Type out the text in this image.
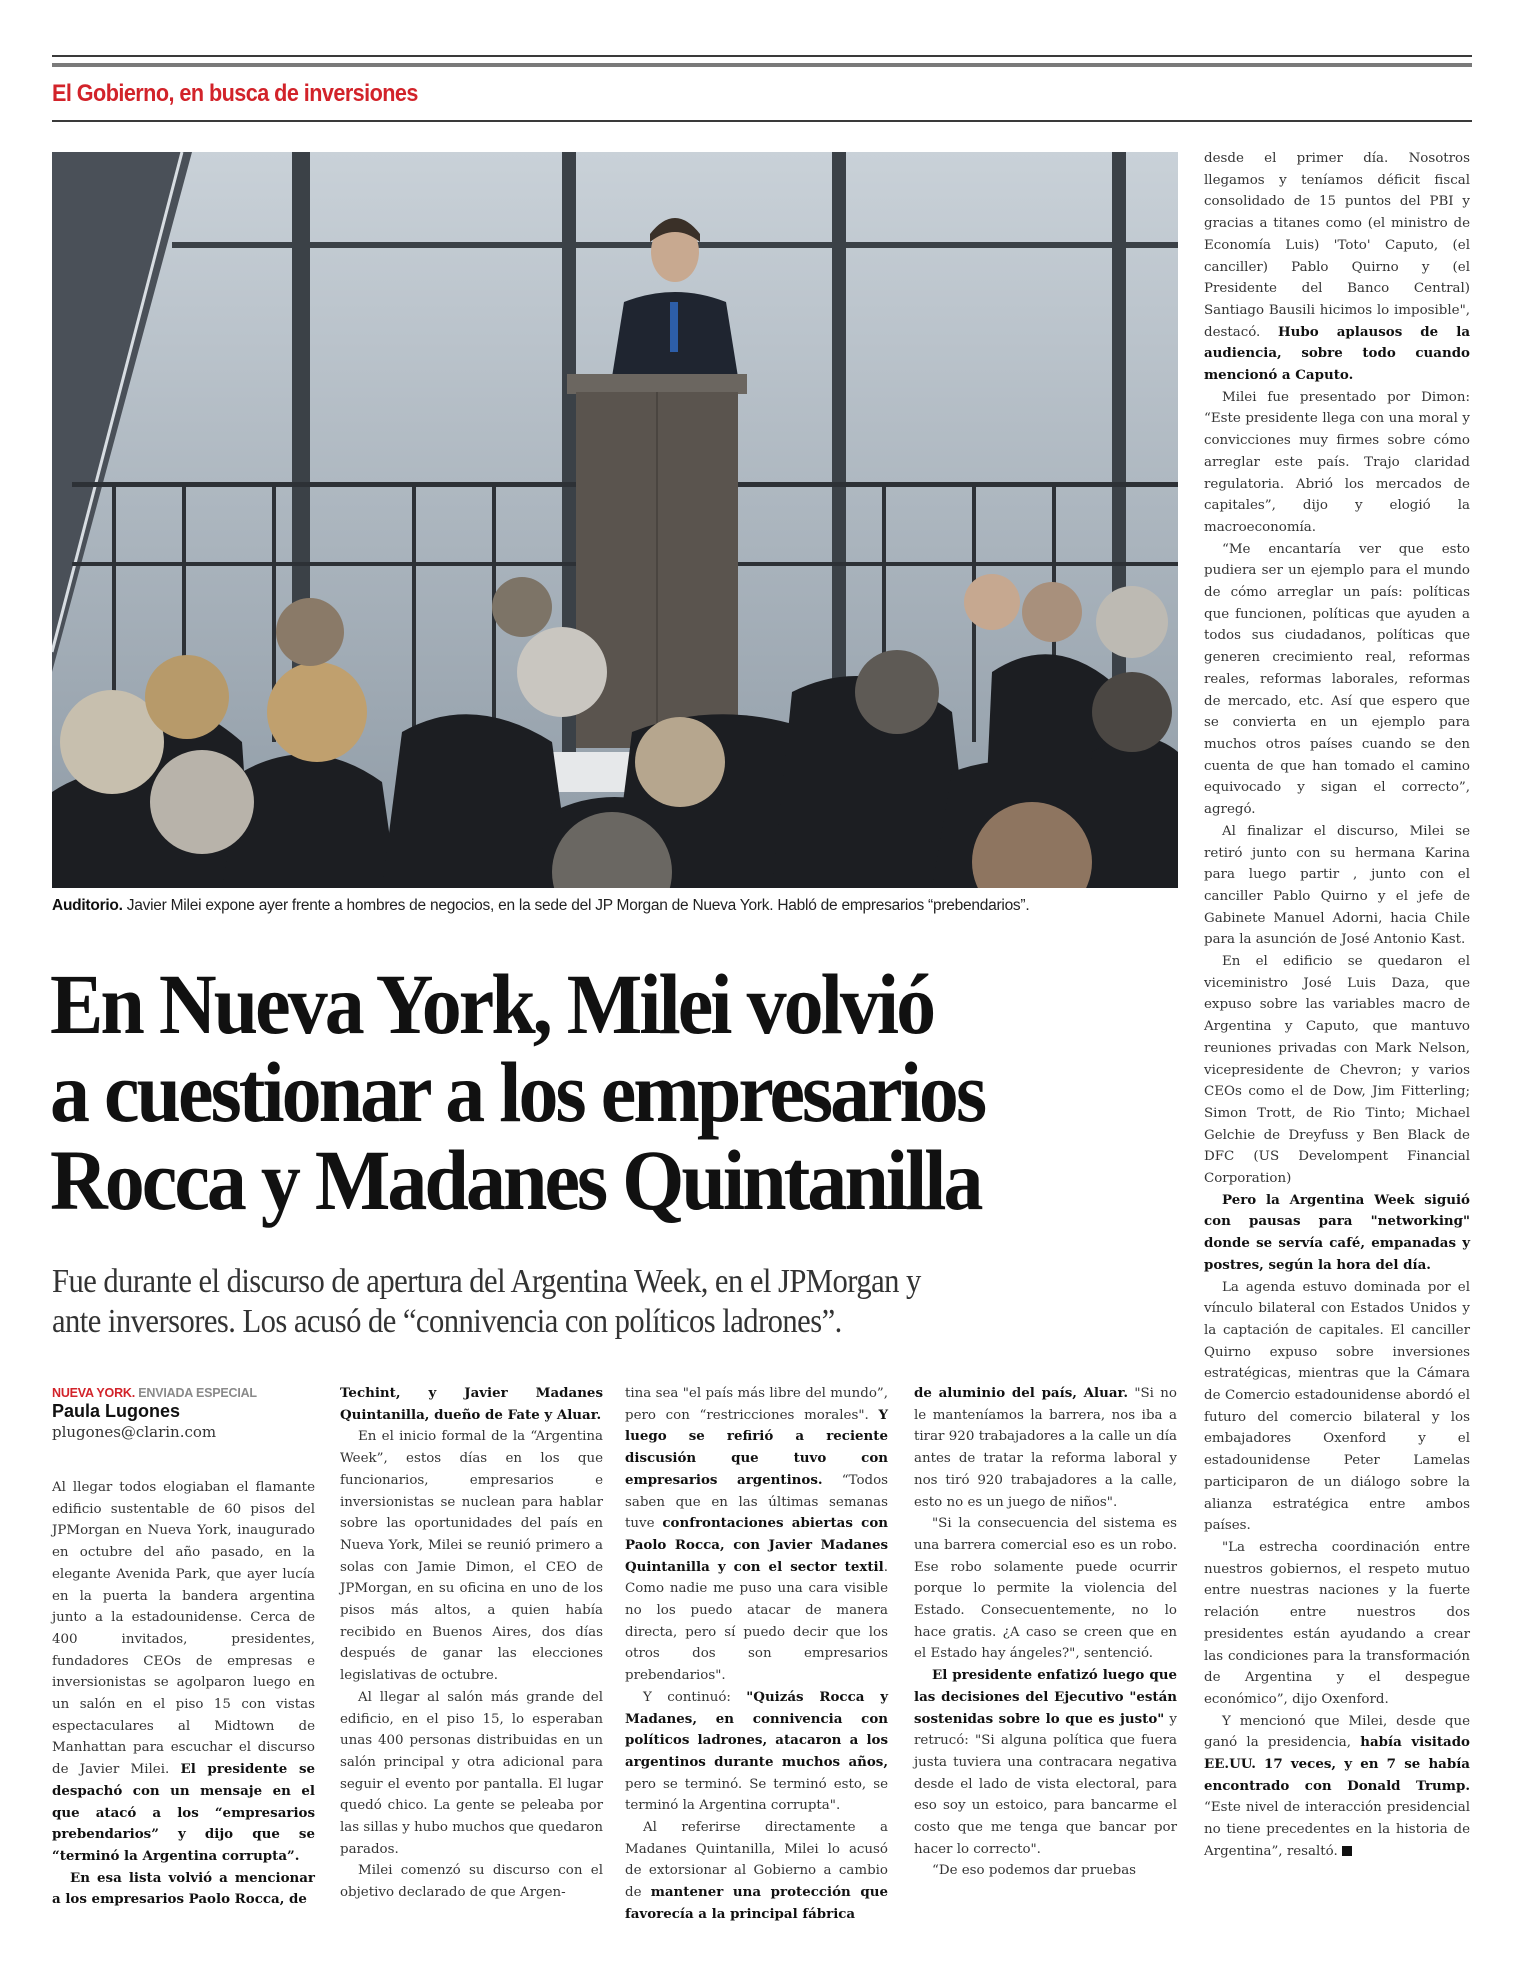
El Gobierno, en busca de inversiones
Auditorio. Javier Milei expone ayer frente a hombres de negocios, en la sede del JP Morgan de Nueva York. Habló de empresarios “prebendarios”.
En Nueva York, Milei volvió
a cuestionar a los empresarios
Rocca y Madanes Quintanilla
Fue durante el discurso de apertura del Argentina Week, en el JPMorgan y
ante inversores. Los acusó de “connivencia con políticos ladrones”.
NUEVA YORK. ENVIADA ESPECIAL
Paula Lugones
plugones@clarin.com

Al llegar todos elogiaban el flamante edificio sustentable de 60 pisos del JPMorgan en Nueva York, inaugurado en octubre del año pasado, en la elegante Avenida Park, que ayer lucía en la puerta la bandera argentina junto a la estadounidense. Cerca de 400 invitados, presidentes, fundadores CEOs de empresas e inversionistas se agolparon luego en un salón en el piso 15 con vistas espectaculares al Midtown de Manhattan para escuchar el discurso de Javier Milei. El presidente se despachó con un mensaje en el que atacó a los “empresarios prebendarios” y dijo que se “terminó la Argentina corrupta”.

En esa lista volvió a mencionar a los empresarios Paolo Rocca, de

Techint, y Javier Madanes Quintanilla, dueño de Fate y Aluar.

En el inicio formal de la “Argentina Week”, estos días en los que funcionarios, empresarios e inversionistas se nuclean para hablar sobre las oportunidades del país en Nueva York, Milei se reunió primero a solas con Jamie Dimon, el CEO de JPMorgan, en su oficina en uno de los pisos más altos, a quien había recibido en Buenos Aires, dos días después de ganar las elecciones legislativas de octubre.

Al llegar al salón más grande del edificio, en el piso 15, lo esperaban unas 400 personas distribuidas en un salón principal y otra adicional para seguir el evento por pantalla. El lugar quedó chico. La gente se peleaba por las sillas y hubo muchos que quedaron parados.

Milei comenzó su discurso con el objetivo declarado de que Argen-

tina sea "el país más libre del mundo”, pero con “restricciones morales". Y luego se refirió a reciente discusión que tuvo con empresarios argentinos. “Todos saben que en las últimas semanas tuve confrontaciones abiertas con Paolo Rocca, con Javier Madanes Quintanilla y con el sector textil. Como nadie me puso una cara visible no los puedo atacar de manera directa, pero sí puedo decir que los otros dos son empresarios prebendarios".

Y continuó: "Quizás Rocca y Madanes, en connivencia con políticos ladrones, atacaron a los argentinos durante muchos años, pero se terminó. Se terminó esto, se terminó la Argentina corrupta".

Al referirse directamente a Madanes Quintanilla, Milei lo acusó de extorsionar al Gobierno a cambio de mantener una protección que favorecía a la principal fábrica

de aluminio del país, Aluar. "Si no le manteníamos la barrera, nos iba a tirar 920 trabajadores a la calle un día antes de tratar la reforma laboral y nos tiró 920 trabajadores a la calle, esto no es un juego de niños".

"Si la consecuencia del sistema es una barrera comercial eso es un robo. Ese robo solamente puede ocurrir porque lo permite la violencia del Estado. Consecuentemente, no lo hace gratis. ¿A caso se creen que en el Estado hay ángeles?", sentenció.

El presidente enfatizó luego que las decisiones del Ejecutivo "están sostenidas sobre lo que es justo" y retrucó: "Si alguna política que fuera justa tuviera una contracara negativa desde el lado de vista electoral, para eso soy un estoico, para bancarme el costo que me tenga que bancar por hacer lo correcto".

“De eso podemos dar pruebas

desde el primer día. Nosotros llegamos y teníamos déficit fiscal consolidado de 15 puntos del PBI y gracias a titanes como (el ministro de Economía Luis) 'Toto' Caputo, (el canciller) Pablo Quirno y (el Presidente del Banco Central) Santiago Bausili hicimos lo imposible", destacó. Hubo aplausos de la audiencia, sobre todo cuando mencionó a Caputo.

Milei fue presentado por Dimon: “Este presidente llega con una moral y convicciones muy firmes sobre cómo arreglar este país. Trajo claridad regulatoria. Abrió los mercados de capitales”, dijo y elogió la macroeconomía.

“Me encantaría ver que esto pudiera ser un ejemplo para el mundo de cómo arreglar un país: políticas que funcionen, políticas que ayuden a todos sus ciudadanos, políticas que generen crecimiento real, reformas reales, reformas laborales, reformas de mercado, etc. Así que espero que se convierta en un ejemplo para muchos otros países cuando se den cuenta de que han tomado el camino equivocado y sigan el correcto”, agregó.

Al finalizar el discurso, Milei se retiró junto con su hermana Karina para luego partir , junto con el canciller Pablo Quirno y el jefe de Gabinete Manuel Adorni, hacia Chile para la asunción de José Antonio Kast.

En el edificio se quedaron el viceministro José Luis Daza, que expuso sobre las variables macro de Argentina y Caputo, que mantuvo reuniones privadas con Mark Nelson, vicepresidente de Chevron; y varios CEOs como el de Dow, Jim Fitterling; Simon Trott, de Rio Tinto; Michael Gelchie de Dreyfuss y Ben Black de DFC (US Develompent Financial Corporation)

Pero la Argentina Week siguió con pausas para "networking" donde se servía café, empanadas y postres, según la hora del día.

La agenda estuvo dominada por el vínculo bilateral con Estados Unidos y la captación de capitales. El canciller Quirno expuso sobre inversiones estratégicas, mientras que la Cámara de Comercio estadounidense abordó el futuro del comercio bilateral y los embajadores Oxenford y el estadounidense Peter Lamelas participaron de un diálogo sobre la alianza estratégica entre ambos países.

"La estrecha coordinación entre nuestros gobiernos, el respeto mutuo entre nuestras naciones y la fuerte relación entre nuestros dos presidentes están ayudando a crear las condiciones para la transformación de Argentina y el despegue económico”, dijo Oxenford.

Y mencionó que Milei, desde que ganó la presidencia, había visitado EE.UU. 17 veces, y en 7 se había encontrado con Donald Trump. “Este nivel de interacción presidencial no tiene precedentes en la historia de Argentina”, resaltó.
